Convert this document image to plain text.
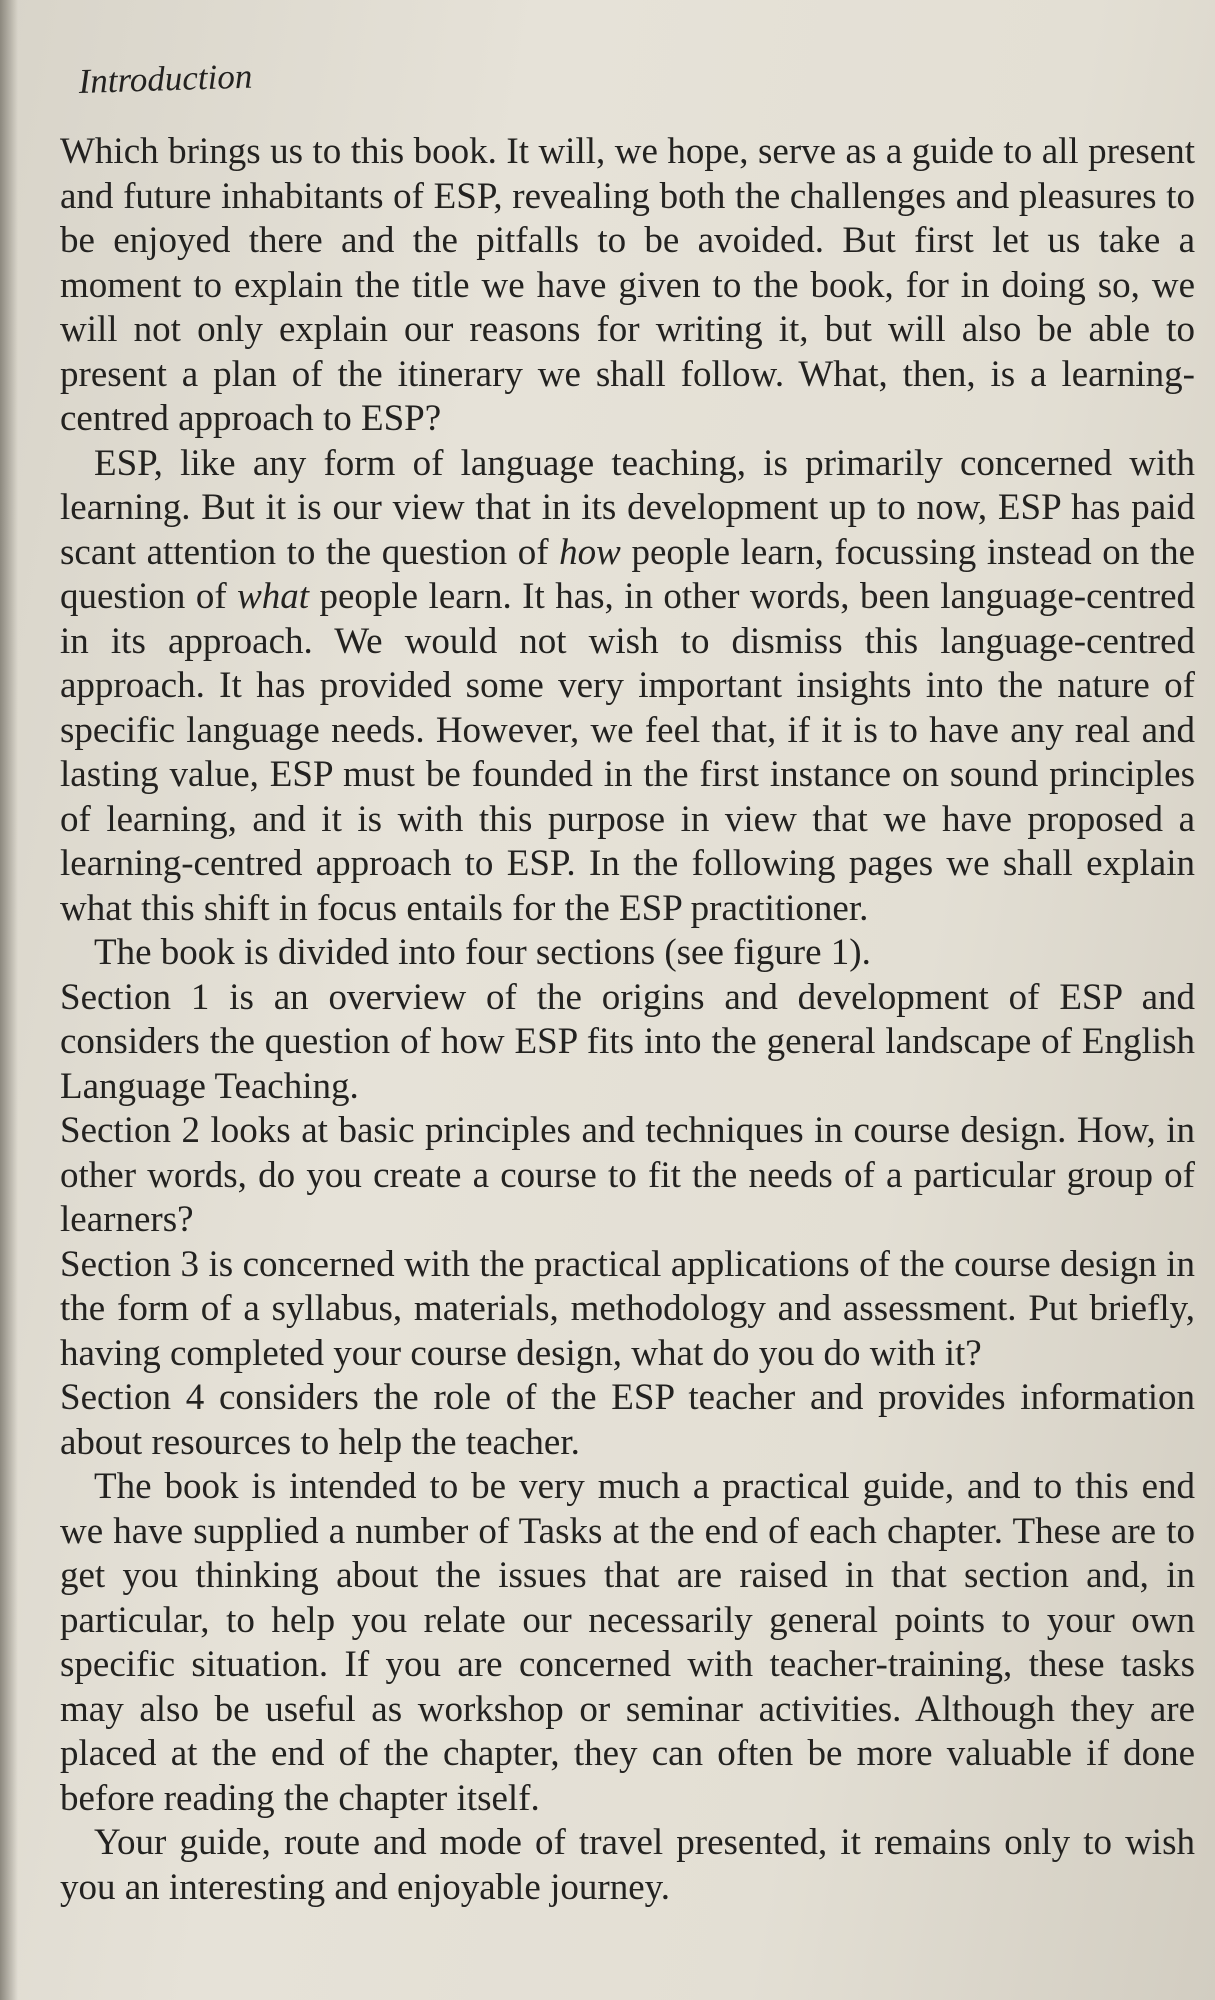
Introduction

Which brings us to this book. It will, we hope, serve as a guide to all present and future inhabitants of ESP, revealing both the challenges and pleasures to be enjoyed there and the pitfalls to be avoided. But first let us take a moment to explain the title we have given to the book, for in doing so, we will not only explain our reasons for writing it, but will also be able to present a plan of the itinerary we shall follow. What, then, is a learning-centred approach to ESP?

ESP, like any form of language teaching, is primarily concerned with learning. But it is our view that in its development up to now, ESP has paid scant attention to the question of how people learn, focussing instead on the question of what people learn. It has, in other words, been language-centred in its approach. We would not wish to dismiss this language-centred approach. It has provided some very important insights into the nature of specific language needs. However, we feel that, if it is to have any real and lasting value, ESP must be founded in the first instance on sound principles of learning, and it is with this purpose in view that we have proposed a learning-centred approach to ESP. In the following pages we shall explain what this shift in focus entails for the ESP practitioner.

The book is divided into four sections (see figure 1).

Section 1 is an overview of the origins and development of ESP and considers the question of how ESP fits into the general landscape of English Language Teaching.

Section 2 looks at basic principles and techniques in course design. How, in other words, do you create a course to fit the needs of a particular group of learners?

Section 3 is concerned with the practical applications of the course design in the form of a syllabus, materials, methodology and assessment. Put briefly, having completed your course design, what do you do with it?

Section 4 considers the role of the ESP teacher and provides information about resources to help the teacher.

The book is intended to be very much a practical guide, and to this end we have supplied a number of Tasks at the end of each chapter. These are to get you thinking about the issues that are raised in that section and, in particular, to help you relate our necessarily general points to your own specific situation. If you are concerned with teacher-training, these tasks may also be useful as workshop or seminar activities. Although they are placed at the end of the chapter, they can often be more valuable if done before reading the chapter itself.

Your guide, route and mode of travel presented, it remains only to wish you an interesting and enjoyable journey.
